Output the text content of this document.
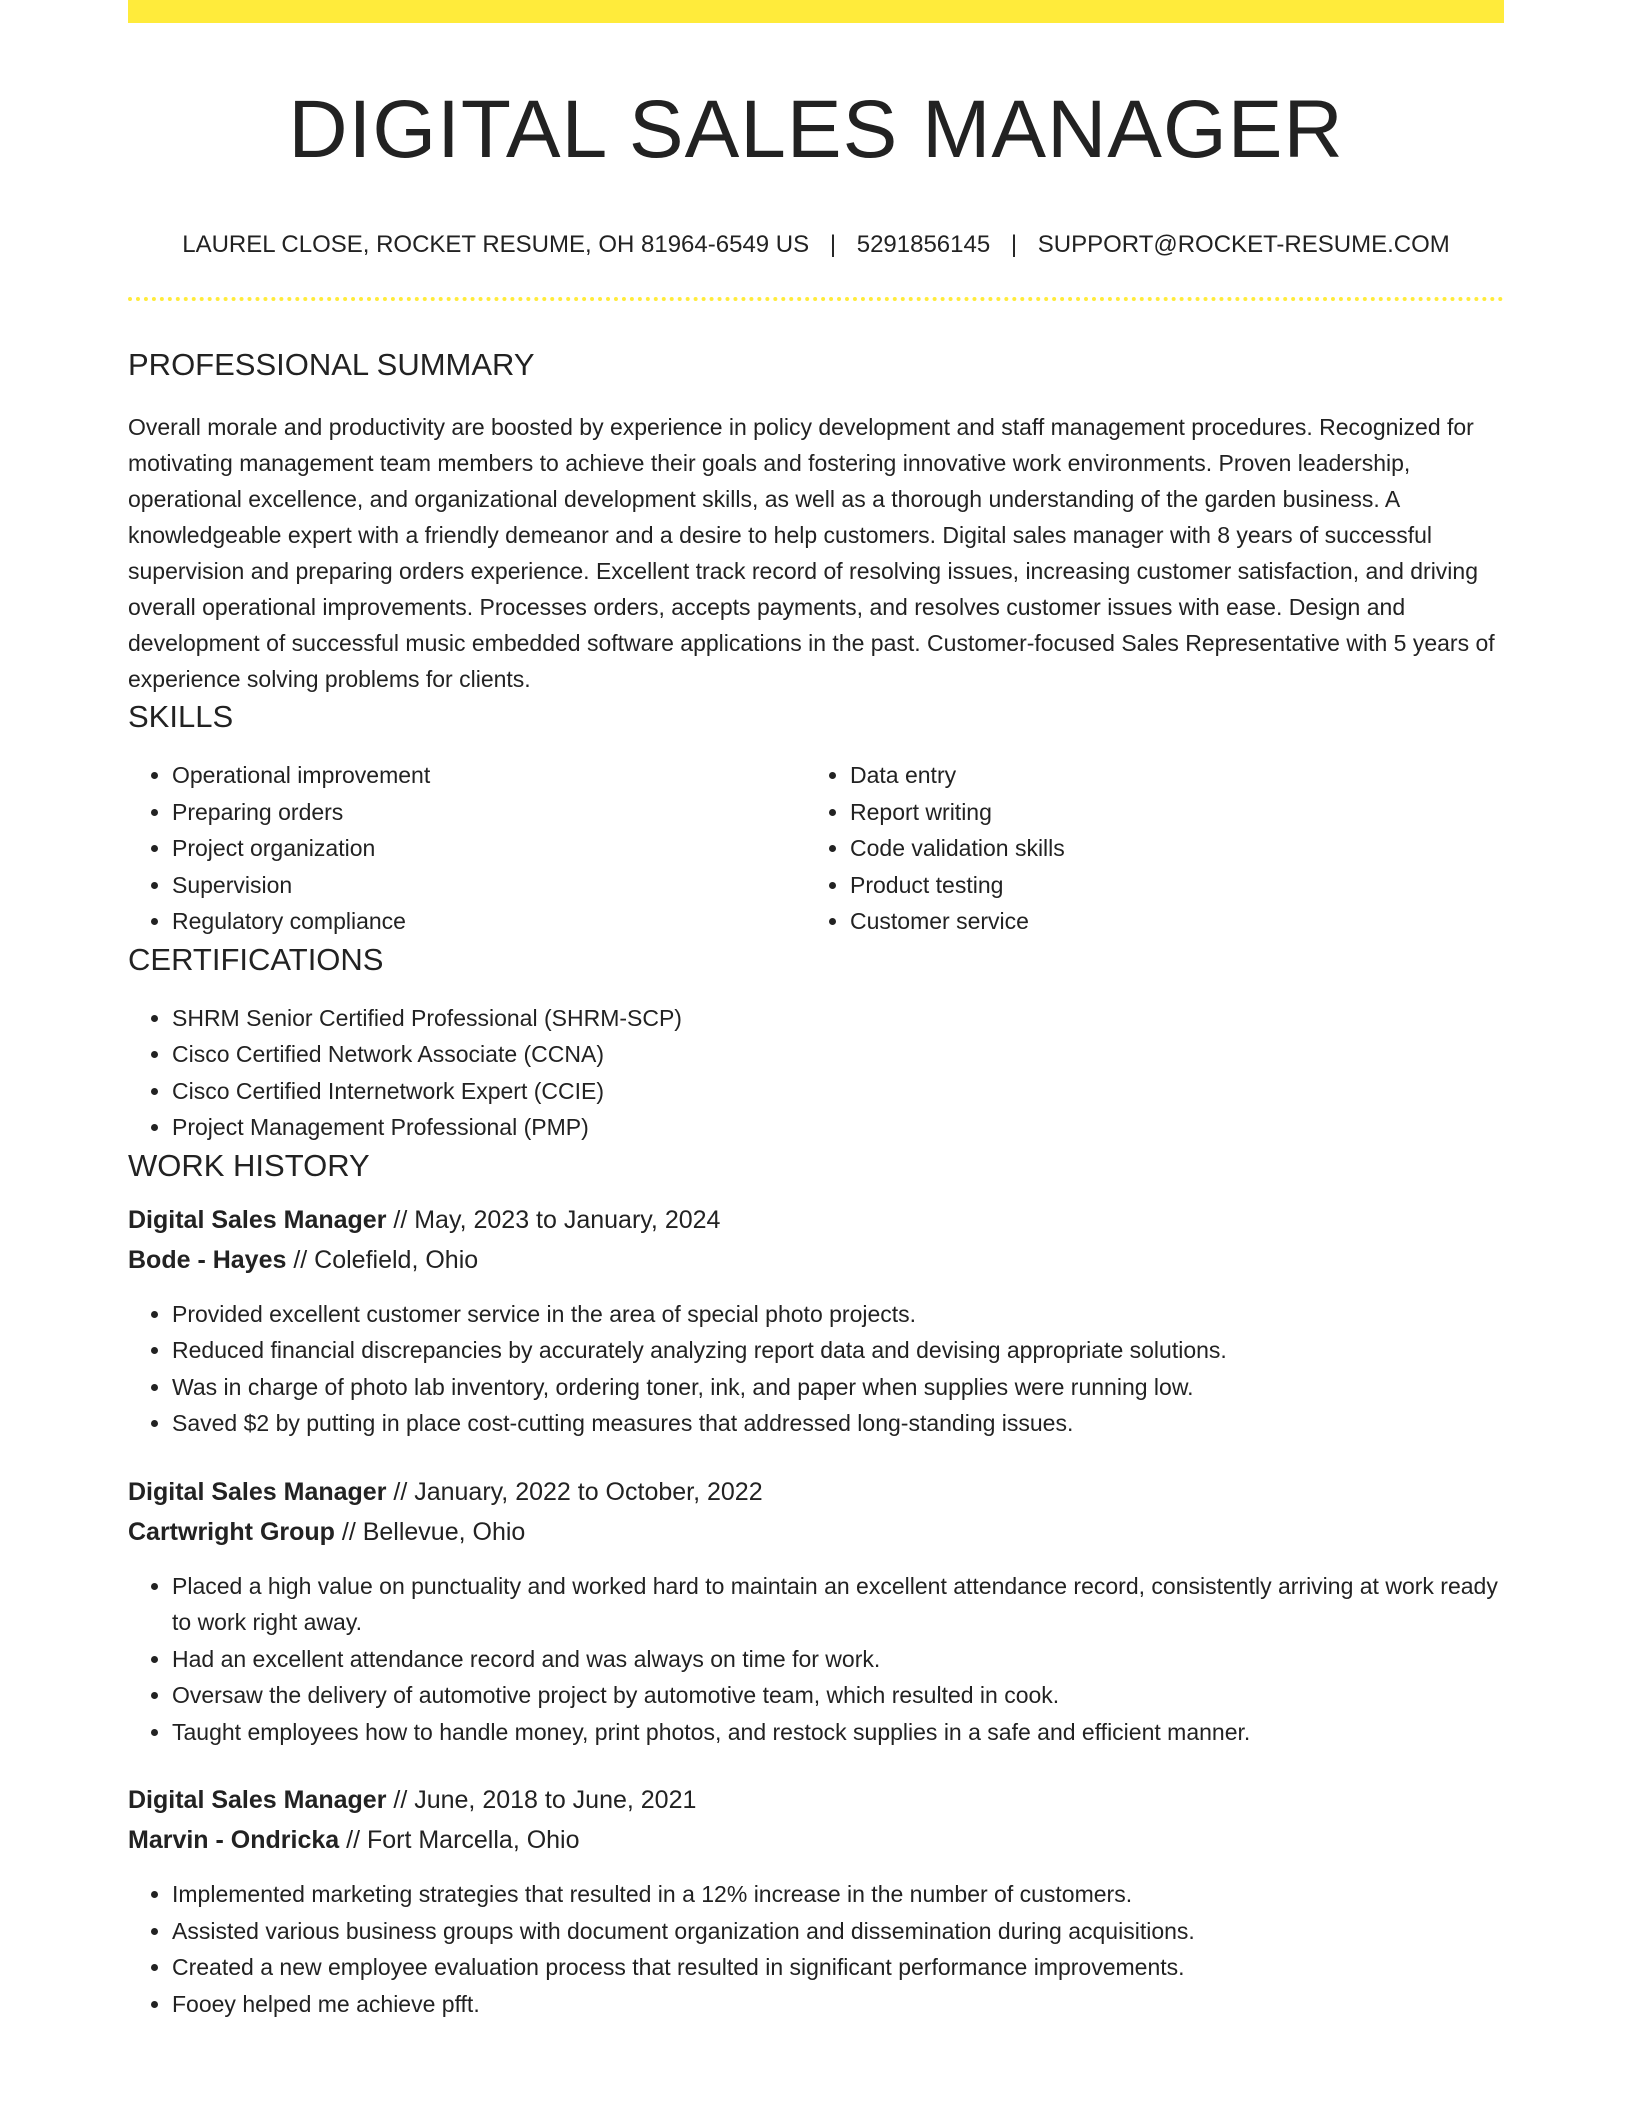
DIGITAL SALES MANAGER
LAUREL CLOSE, ROCKET RESUME, OH 81964-6549 US | 5291856145 | SUPPORT@ROCKET-RESUME.COM
PROFESSIONAL SUMMARY

Overall morale and productivity are boosted by experience in policy development and staff management procedures. Recognized for motivating management team members to achieve their goals and fostering innovative work environments. Proven leadership, operational excellence, and organizational development skills, as well as a thorough understanding of the garden business. A knowledgeable expert with a friendly demeanor and a desire to help customers. Digital sales manager with 8 years of successful supervision and preparing orders experience. Excellent track record of resolving issues, increasing customer satisfaction, and driving overall operational improvements. Processes orders, accepts payments, and resolves customer issues with ease. Design and development of successful music embedded software applications in the past. Customer-focused Sales Representative with 5 years of experience solving problems for clients.

SKILLS
• Operational improvement
• Preparing orders
• Project organization
• Supervision
• Regulatory compliance
• Data entry
• Report writing
• Code validation skills
• Product testing
• Customer service
CERTIFICATIONS
• SHRM Senior Certified Professional (SHRM-SCP)
• Cisco Certified Network Associate (CCNA)
• Cisco Certified Internetwork Expert (CCIE)
• Project Management Professional (PMP)
WORK HISTORY
Digital Sales Manager // May, 2023 to January, 2024
Bode - Hayes // Colefield, Ohio
• Provided excellent customer service in the area of special photo projects.
• Reduced financial discrepancies by accurately analyzing report data and devising appropriate solutions.
• Was in charge of photo lab inventory, ordering toner, ink, and paper when supplies were running low.
• Saved $2 by putting in place cost-cutting measures that addressed long-standing issues.
Digital Sales Manager // January, 2022 to October, 2022
Cartwright Group // Bellevue, Ohio
• Placed a high value on punctuality and worked hard to maintain an excellent attendance record, consistently arriving at work ready to work right away.
• Had an excellent attendance record and was always on time for work.
• Oversaw the delivery of automotive project by automotive team, which resulted in cook.
• Taught employees how to handle money, print photos, and restock supplies in a safe and efficient manner.
Digital Sales Manager // June, 2018 to June, 2021
Marvin - Ondricka // Fort Marcella, Ohio
• Implemented marketing strategies that resulted in a 12% increase in the number of customers.
• Assisted various business groups with document organization and dissemination during acquisitions.
• Created a new employee evaluation process that resulted in significant performance improvements.
• Fooey helped me achieve pfft.
